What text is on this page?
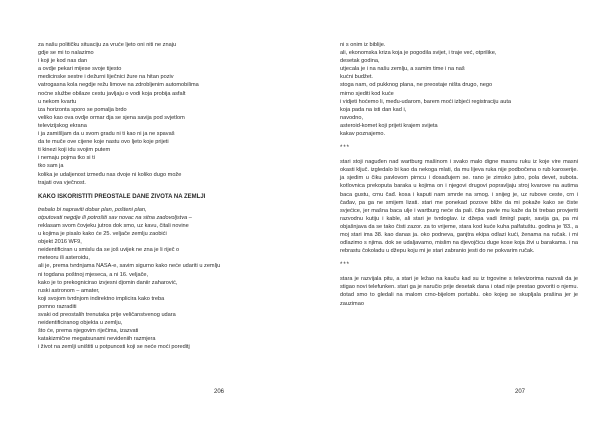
za našu političku situaciju za vruće ljeto oni niti ne znaju
gdje se mi to nalazimo
i koji je kod nas dan
a ovdje pekari mijese svoje tijesto
medicinske sestre i dežurni liječnici žure na hitan poziv
vatrogasna kola negdje režu limove na zdrobljenim automobilima
noćne službe obilaze cestu javljaju o vodi koja probija asfalt
u nekom kvartu
iza horizonta sporo se pomalja brdo
veliko kao ova ovdje ormar dja se sjena savija pod svjetlom
televizijskog ekrana
i ja zamišljam da u svom gradu ni ti kao ni ja ne spavaš
da te muče ove cijene koje nastu ovo ljeto koje prijeti
ti kinezi koji idu svojim putem
i nemaju pojma tko si ti
tko sam ja
kolika je udaljenost između nas dvoje ni koliko dugo može
trajati ova vječnost.
KAKO ISKORISTITI PREOSTALE DANE ŽIVOTA NA ZEMLJI
trebalo bi napraviti dobar plan, pošteni plan,
otputovati negdje ili potrošiti sav novac na sitna zadovoljstva –
reklasam svom čovjeku jutros dok smo, uz kavu, čitali novine
u kojima je pisalo kako će 25. veljače zemlju zaobići
objekt 2016 WF9,
neidentificiran u smislu da se još uvijek ne zna je li riječ o
meteoru ili asteroidu,
ali je, prema tvrdnjama NASA-e, savim sigurno kako neće udariti u zemlju
ni togdana poštnoj mjeseca, a ni 16. veljače,
kako je to prekognicirao izvjesni djomin daniir zaharović,
ruski astronom – amater,
koji svojom tvrdnjom indirektno implicira kako treba
pomno razraditi
svaki od preostalih trenutaka prije veličanstvenog udara
neidentificiranog objekta u zemlju,
što će, prema njegovim riječima, izazvati
katakizmične megatsunami nevideniih razmjera
i život na zemlji uništiti u potpunosti koji se neće moći poreditj
206
ni s onim iz biblije.
ali, ekonomska kriza koja je pogodila svijet, i traje već, otprilike,
desetak godina,
utjecala je i na našu zemlju, a samim time i na naš
kućni budžet.
stoga nam, od pukknog plana, ne preostaje ništa drugo, nego
mirno sjediti kod kuće
i vidjeti hoćemo li, među-udarom, barem moći izbjeći registraciju auta
koja pada na isti dan kad i,
navodno,
asteroid-komet koji prijeti krajem svijeta
kakav poznajemo.
***
stari stoji naguđen nad wartburg mašinom i svako malo digne masnu ruku iz koje vire masni okasti ključ. izgledalo bi kao da nekoga mlati, da mu lijeva ruka nije podbočena o rub karoserije. ja sjedim u čiku pavlovom pirncu i dosađujem se. rano je zimsko jutro, pola devet, subota. kotlovnica prekoputa baraka u kojima on i njegovi drugovi popravljaju stroj kvarove na autima baca gustu, crnu čađ. kosa i kaputi nam smrde na smog. i snijeg je, uz rubove ceste, crn i čađav, pa ga ne smijem lizati. stari me ponekad pozove bliže da mi pokaže kako se čiste svjećice, jer mašna baca ulje i wartburg neće da pali. čika pavle mu kaže da bi trebao provjeriti razvodnu kutiju i kable, ali stari je tvrdoglav. iz džepa vadi šmirgl papir, savija ga, pa mi objašnjava da se tako čisti zazor. za to vrijeme, stara kod kuće kuha palfatuštu. godina je '83., a moj stari ima 38. kao danas ja. oko podneva, ganjtra ekipa odlazi kući, ženama na ručak. i mi odlazimo s njima. dok se udaljavamo, mislim na djevojčicu duge kose koja živi u barakama. i na rebrastu čokoladu u džepu koju mi je stari zabranio jesti do ne pokvarim ručak.
***
stara je razvijala pitu, a stari je ležao na kauču kad su iz trgovine s televizorima nazvali da je stigao novi telefunken. stari ga je naručio prije desetak dana i otad nije prestao govoriti o njemu. dotad smo to gledali na malom crno-bijelom portablu. oko kojeg se skupljala prašina jer je zauzimao
207
